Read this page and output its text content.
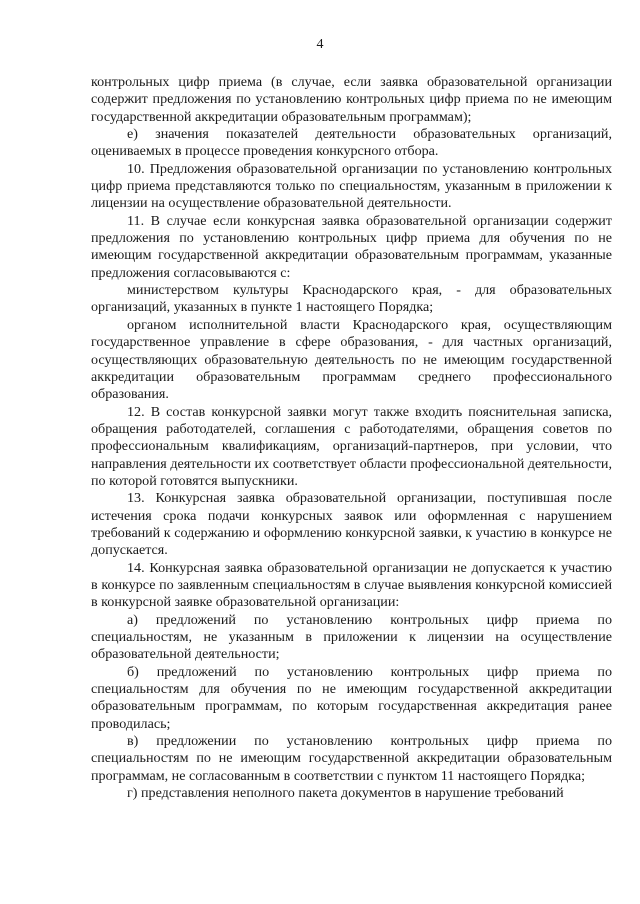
4

контрольных цифр приема (в случае, если заявка образовательной организации содержит предложения по установлению контрольных цифр приема по не имеющим государственной аккредитации образовательным программам);

е) значения показателей деятельности образовательных организаций, оцениваемых в процессе проведения конкурсного отбора.

10. Предложения образовательной организации по установлению контрольных цифр приема представляются только по специальностям, указанным в приложении к лицензии на осуществление образовательной деятельности.

11. В случае если конкурсная заявка образовательной организации содержит предложения по установлению контрольных цифр приема для обучения по не имеющим государственной аккредитации образовательным программам, указанные предложения согласовываются с:

министерством культуры Краснодарского края, - для образовательных организаций, указанных в пункте 1 настоящего Порядка;

органом исполнительной власти Краснодарского края, осуществляющим государственное управление в сфере образования, - для частных организаций, осуществляющих образовательную деятельность по не имеющим государственной аккредитации образовательным программам среднего профессионального образования.

12. В состав конкурсной заявки могут также входить пояснительная записка, обращения работодателей, соглашения с работодателями, обращения советов по профессиональным квалификациям, организаций-партнеров, при условии, что направления деятельности их соответствует области профессиональной деятельности, по которой готовятся выпускники.

13. Конкурсная заявка образовательной организации, поступившая после истечения срока подачи конкурсных заявок или оформленная с нарушением требований к содержанию и оформлению конкурсной заявки, к участию в конкурсе не допускается.

14. Конкурсная заявка образовательной организации не допускается к участию в конкурсе по заявленным специальностям в случае выявления конкурсной комиссией в конкурсной заявке образовательной организации:

а) предложений по установлению контрольных цифр приема по специальностям, не указанным в приложении к лицензии на осуществление образовательной деятельности;

б) предложений по установлению контрольных цифр приема по специальностям для обучения по не имеющим государственной аккредитации образовательным программам, по которым государственная аккредитация ранее проводилась;

в) предложении по установлению контрольных цифр приема по специальностям по не имеющим государственной аккредитации образовательным программам, не согласованным в соответствии с пунктом 11 настоящего Порядка;

г) представления неполного пакета документов в нарушение требований
